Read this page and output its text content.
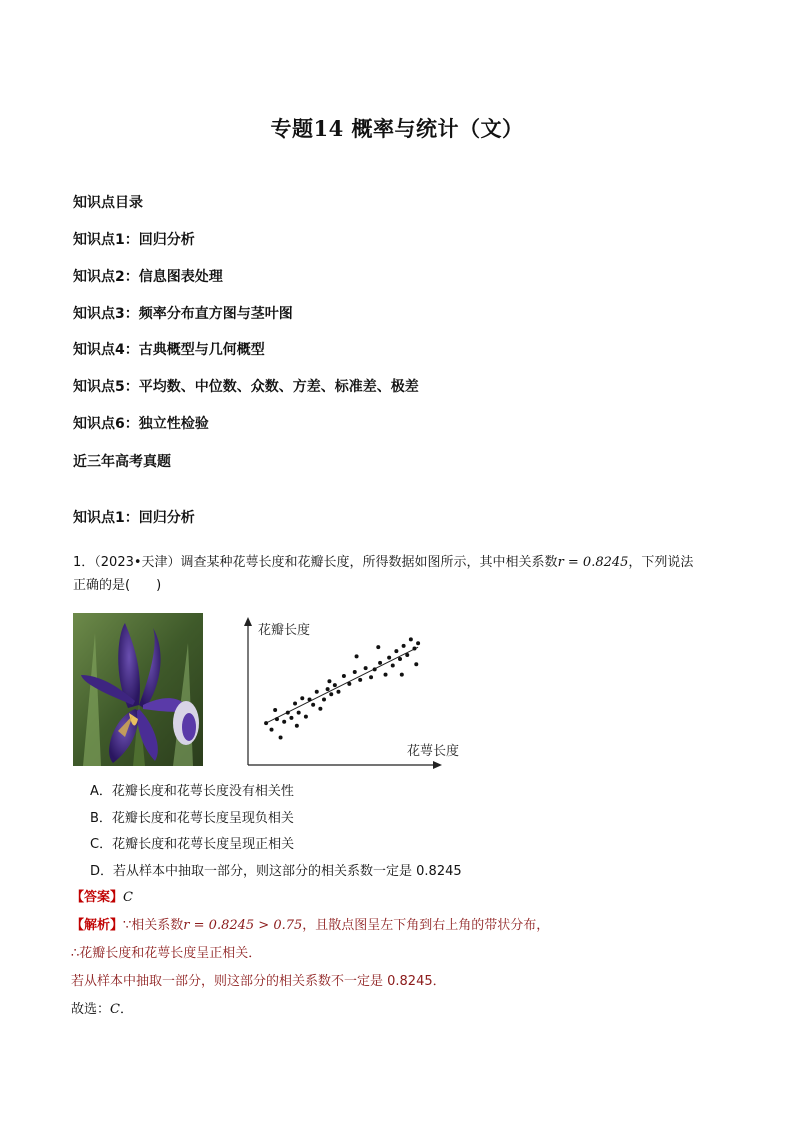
专题14 概率与统计（文）
知识点目录
知识点1：回归分析
知识点2：信息图表处理
知识点3：频率分布直方图与茎叶图
知识点4：古典概型与几何概型
知识点5：平均数、中位数、众数、方差、标准差、极差
知识点6：独立性检验
近三年高考真题
知识点1：回归分析
1．（2023•天津）调查某种花萼长度和花瓣长度，所得数据如图所示，其中相关系数r = 0.8245，下列说法
正确的是(　　)
花瓣长度
花萼长度
A．花瓣长度和花萼长度没有相关性
B．花瓣长度和花萼长度呈现负相关
C．花瓣长度和花萼长度呈现正相关
D．若从样本中抽取一部分，则这部分的相关系数一定是 0.8245
【答案】C
【解析】∵相关系数r = 0.8245 > 0.75，且散点图呈左下角到右上角的带状分布，
∴花瓣长度和花萼长度呈正相关．
若从样本中抽取一部分，则这部分的相关系数不一定是 0.8245．
故选：C．
